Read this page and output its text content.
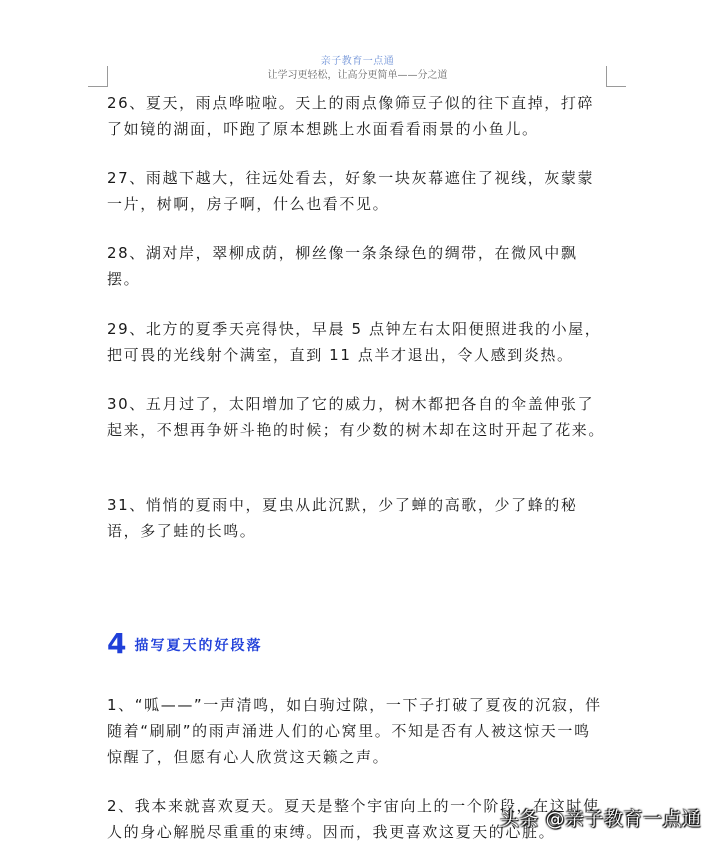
亲子教育一点通
让学习更轻松，让高分更简单——分之道

26、夏天，雨点哗啦啦。天上的雨点像筛豆子似的往下直掉，打碎了如镜的湖面，吓跑了原本想跳上水面看看雨景的小鱼儿。

27、雨越下越大，往远处看去，好象一块灰幕遮住了视线，灰蒙蒙一片，树啊，房子啊，什么也看不见。

28、湖对岸，翠柳成荫，柳丝像一条条绿色的绸带，在微风中飘摆。

29、北方的夏季天亮得快，早晨 5 点钟左右太阳便照进我的小屋，把可畏的光线射个满室，直到 11 点半才退出，令人感到炎热。

30、五月过了，太阳增加了它的威力，树木都把各自的伞盖伸张了起来，不想再争妍斗艳的时候；有少数的树木却在这时开起了花来。

31、悄悄的夏雨中，夏虫从此沉默，少了蝉的高歌，少了蜂的秘语，多了蛙的长鸣。

4 描写夏天的好段落

1、“呱——”一声清鸣，如白驹过隙，一下子打破了夏夜的沉寂，伴随着“刷刷”的雨声涌进人们的心窝里。不知是否有人被这惊天一鸣惊醒了，但愿有心人欣赏这天籁之声。

2、我本来就喜欢夏天。夏天是整个宇宙向上的一个阶段，在这时使人的身心解脱尽重重的束缚。因而，我更喜欢这夏天的心脏。

头条 @亲子教育一点通
